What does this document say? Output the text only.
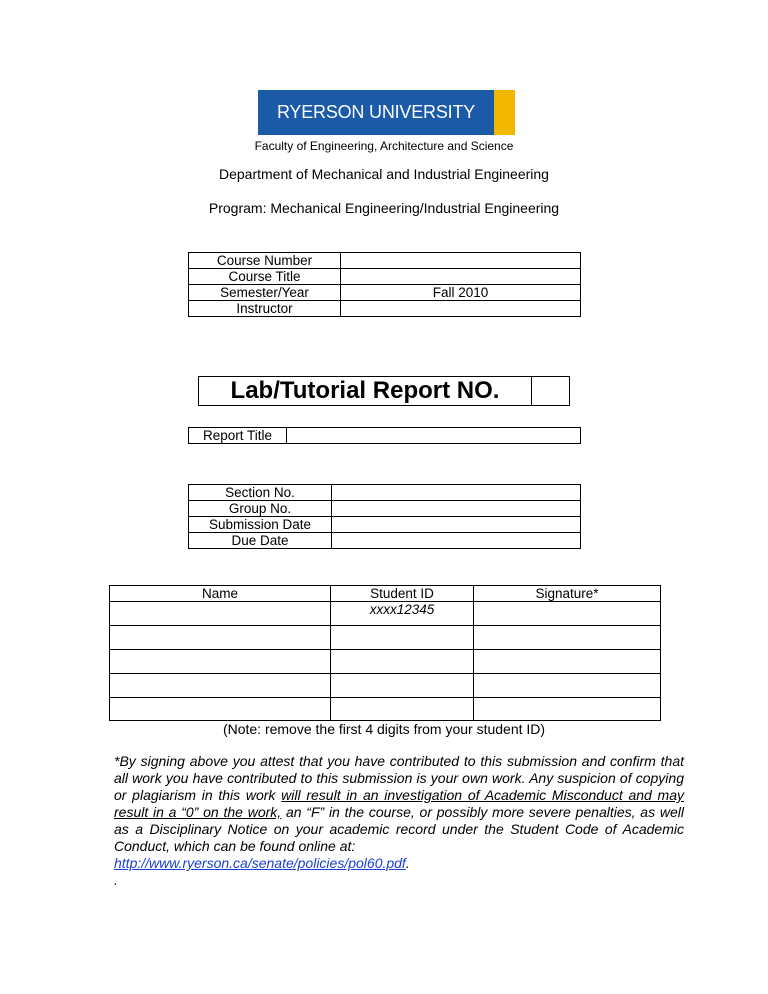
RYERSON UNIVERSITY
Faculty of Engineering, Architecture and Science
Department of Mechanical and Industrial Engineering
Program: Mechanical Engineering/Industrial Engineering
Course Number	
Course Title	
Semester/Year	Fall 2010
Instructor	
Lab/Tutorial Report NO.
Report Title	
Section No.	
Group No.	
Submission Date	
Due Date	
Name	Student ID	Signature*
	xxxx12345	

(Note: remove the first 4 digits from your student ID)
*By signing above you attest that you have contributed to this submission and confirm that all work you have contributed to this submission is your own work. Any suspicion of copying or plagiarism in this work will result in an investigation of Academic Misconduct and may result in a “0” on the work, an “F” in the course, or possibly more severe penalties, as well as a Disciplinary Notice on your academic record under the Student Code of Academic Conduct, which can be found online at:
http://www.ryerson.ca/senate/policies/pol60.pdf.
.
